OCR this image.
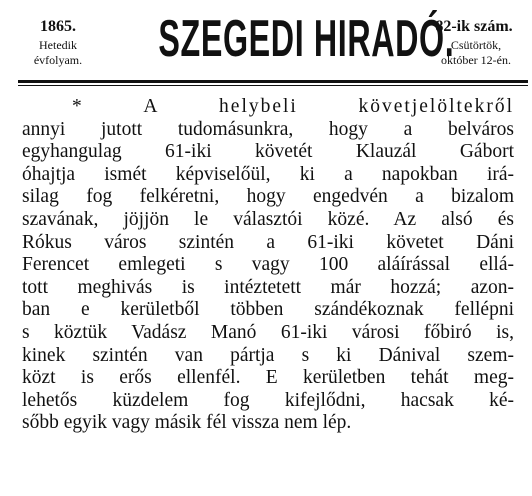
1865.
Hetedik
évfolyam. SZEGEDI HIRADÓ.
82-ik szám.
Csütörtök,
október 12-én.
* A helybeli követjelöltekről
annyi jutott tudomásunkra, hogy a belváros
egyhangulag 61-iki követét Klauzál Gábort
óhajtja ismét képviselőül, ki a napokban irá-
silag fog felkéretni, hogy engedvén a bizalom
szavának, jöjjön le választói közé. Az alsó és
Rókus város szintén a 61-iki követet Dáni
Ferencet emlegeti s vagy 100 aláírással ellá-
tott meghivás is intéztetett már hozzá; azon-
ban e kerületből többen szándékoznak fellépni
s köztük Vadász Manó 61-iki városi főbiró is,
kinek szintén van pártja s ki Dánival szem-
közt is erős ellenfél. E kerületben tehát meg-
lehetős küzdelem fog kifejlődni, hacsak ké-
sőbb egyik vagy másik fél vissza nem lép.
